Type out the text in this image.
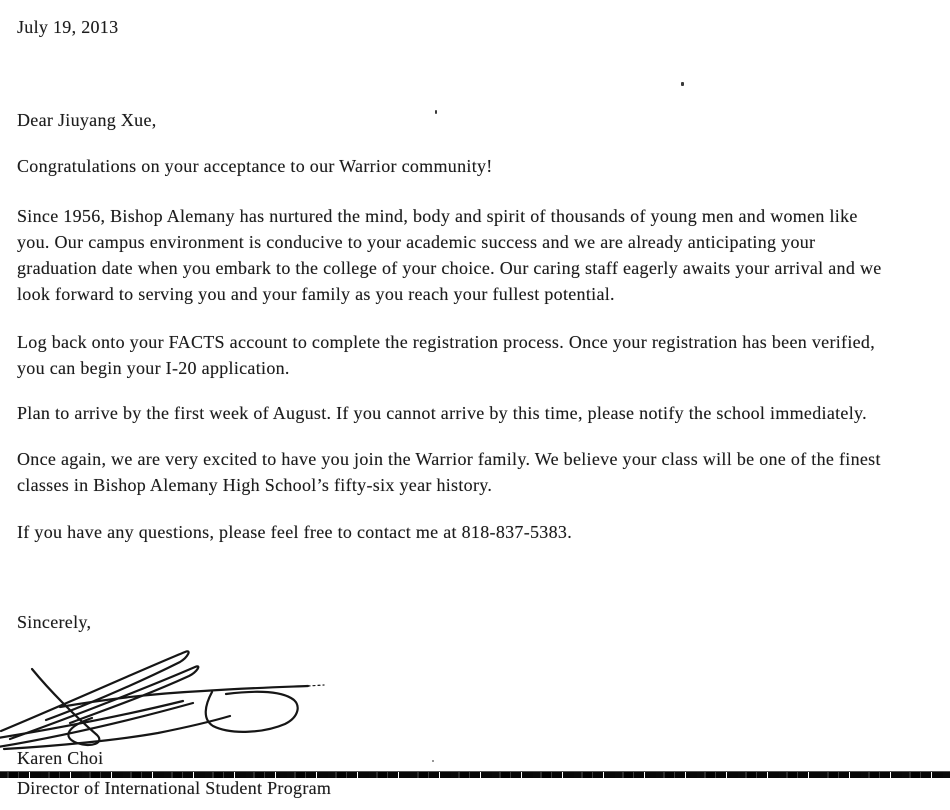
July 19, 2013
Dear Jiuyang Xue,
Congratulations on your acceptance to our Warrior community!
Since 1956, Bishop Alemany has nurtured the mind, body and spirit of thousands of young men and women like
you. Our campus environment is conducive to your academic success and we are already anticipating your
graduation date when you embark to the college of your choice. Our caring staff eagerly awaits your arrival and we
look forward to serving you and your family as you reach your fullest potential.
Log back onto your FACTS account to complete the registration process. Once your registration has been verified,
you can begin your I-20 application.
Plan to arrive by the first week of August. If you cannot arrive by this time, please notify the school immediately.
Once again, we are very excited to have you join the Warrior family. We believe your class will be one of the finest
classes in Bishop Alemany High School’s fifty-six year history.
If you have any questions, please feel free to contact me at 818-837-5383.
Sincerely,
Karen Choi
Director of International Student Program
